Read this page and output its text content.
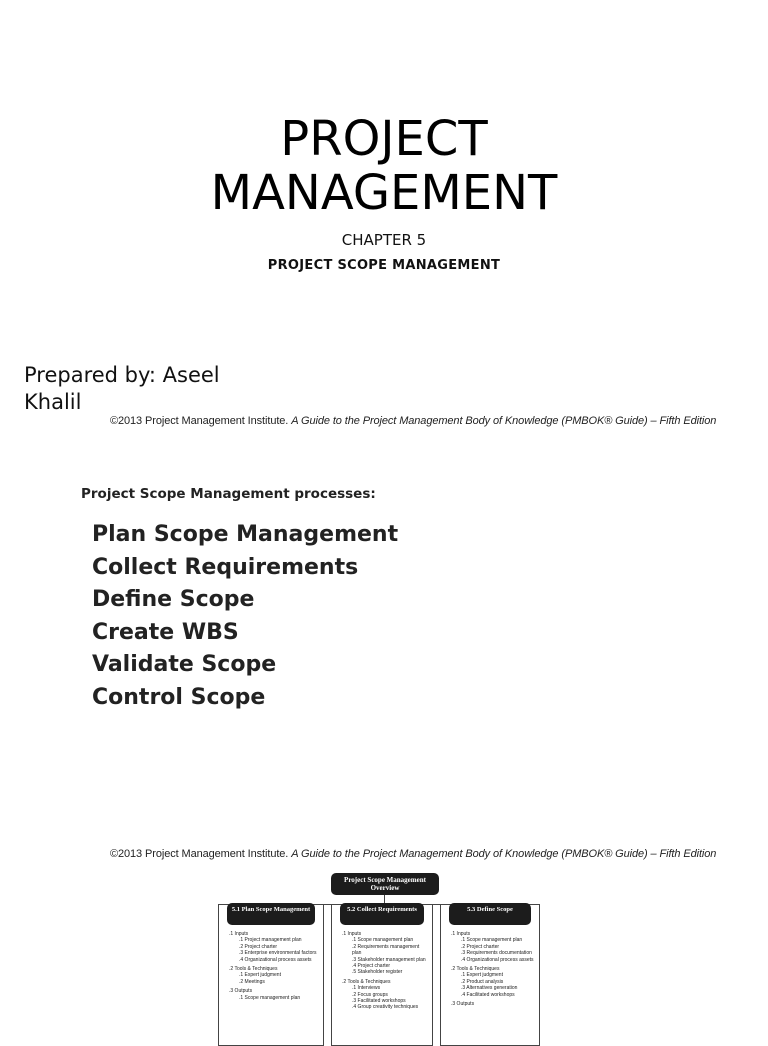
PROJECT
MANAGEMENT
CHAPTER 5
PROJECT SCOPE MANAGEMENT
Prepared by: Aseel Khalil
©2013 Project Management Institute. A Guide to the Project Management Body of Knowledge (PMBOK® Guide) – Fifth Edition
Project Scope Management processes:
Plan Scope Management
Collect Requirements
Define Scope
Create WBS
Validate Scope
Control Scope
©2013 Project Management Institute. A Guide to the Project Management Body of Knowledge (PMBOK® Guide) – Fifth Edition
Project Scope Management Overview
5.1 Plan Scope Management
.1 Inputs
.1 Project management plan
.2 Project charter
.3 Enterprise environmental factors
.4 Organizational process assets
.2 Tools & Techniques
.1 Expert judgment
.2 Meetings
.3 Outputs
.1 Scope management plan
5.2 Collect Requirements
.1 Inputs
.1 Scope management plan
.2 Requirements management plan
.3 Stakeholder management plan
.4 Project charter
.5 Stakeholder register
.2 Tools & Techniques
.1 Interviews
.2 Focus groups
.3 Facilitated workshops
.4 Group creativity techniques
5.3 Define Scope
.1 Inputs
.1 Scope management plan
.2 Project charter
.3 Requirements documentation
.4 Organizational process assets
.2 Tools & Techniques
.1 Expert judgment
.2 Product analysis
.3 Alternatives generation
.4 Facilitated workshops
.3 Outputs
